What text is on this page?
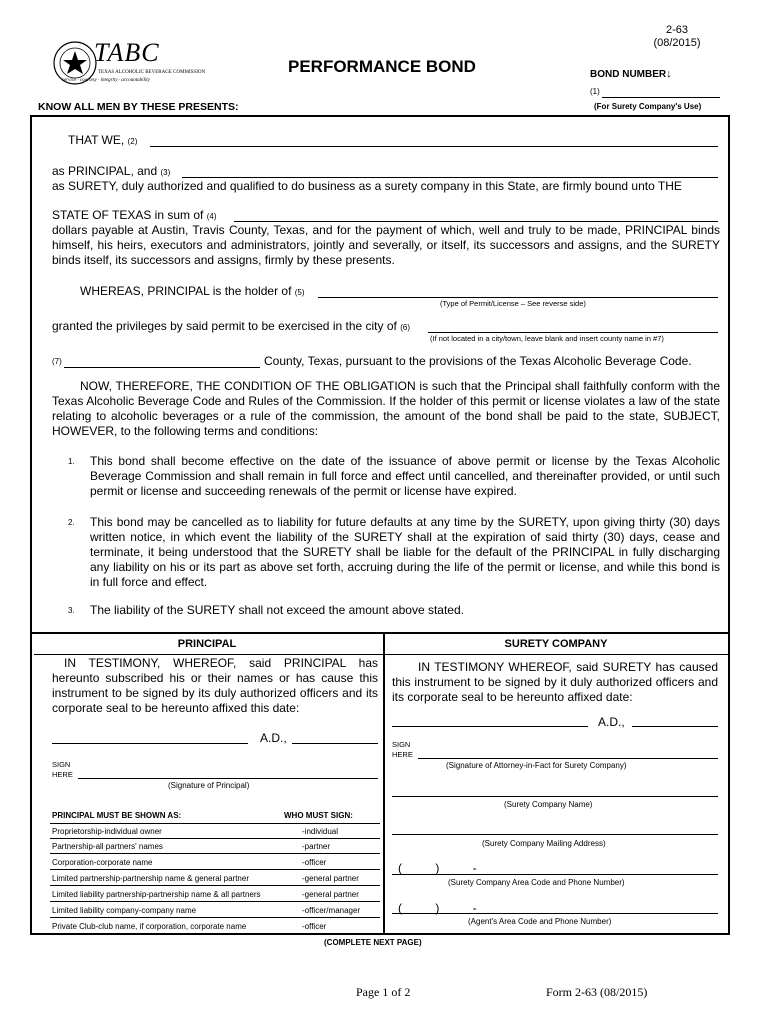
TABC
TEXAS ALCOHOLIC BEVERAGE COMMISSION
service · courtesy · integrity · accountability
PERFORMANCE BOND
2-63
(08/2015)
BOND NUMBER↓
(1)
(For Surety Company's Use)
KNOW ALL MEN BY THESE PRESENTS:
THAT WE, (2)
as PRINCIPAL, and (3)
as SURETY, duly authorized and qualified to do business as a surety company in this State, are firmly bound unto THE
STATE OF TEXAS in sum of (4)
dollars payable at Austin, Travis County, Texas, and for the payment of which, well and truly to be made, PRINCIPAL binds himself, his heirs, executors and administrators, jointly and severally, or itself, its successors and assigns, and the SURETY binds itself, its successors and assigns, firmly by these presents.
WHEREAS, PRINCIPAL is the holder of (5)
(Type of Permit/License – See reverse side)
granted the privileges by said permit to be exercised in the city of (6)
(If not located in a city/town, leave blank and insert county name in #7)
(7)	County, Texas, pursuant to the provisions of the Texas Alcoholic Beverage Code.
NOW, THEREFORE, THE CONDITION OF THE OBLIGATION is such that the Principal shall faithfully conform with the Texas Alcoholic Beverage Code and Rules of the Commission. If the holder of this permit or license violates a law of the state relating to alcoholic beverages or a rule of the commission, the amount of the bond shall be paid to the state, SUBJECT, HOWEVER, to the following terms and conditions:
1. This bond shall become effective on the date of the issuance of above permit or license by the Texas Alcoholic Beverage Commission and shall remain in full force and effect until cancelled, and thereinafter provided, or until such permit or license and succeeding renewals of the permit or license have expired.
2. This bond may be cancelled as to liability for future defaults at any time by the SURETY, upon giving thirty (30) days written notice, in which event the liability of the SURETY shall at the expiration of said thirty (30) days, cease and terminate, it being understood that the SURETY shall be liable for the default of the PRINCIPAL in fully discharging any liability on his or its part as above set forth, accruing during the life of the permit or license, and while this bond is in full force and effect.
3. The liability of the SURETY shall not exceed the amount above stated.
PRINCIPAL
IN TESTIMONY, WHEREOF, said PRINCIPAL has hereunto subscribed his or their names or has cause this instrument to be signed by its duly authorized officers and its corporate seal to be hereunto affixed this date:
A.D.,
SIGN
HERE
(Signature of Principal)
PRINCIPAL MUST BE SHOWN AS:	WHO MUST SIGN:
Proprietorship-individual owner	-individual
Partnership-all partners' names	-partner
Corporation-corporate name	-officer
Limited partnership-partnership name & general partner	-general partner
Limited liability partnership-partnership name & all partners	-general partner
Limited liability company-company name	-officer/manager
Private Club-club name, if corporation, corporate name	-officer
SURETY COMPANY
IN TESTIMONY WHEREOF, said SURETY has caused this instrument to be signed by it duly authorized officers and its corporate seal to be hereunto affixed date:
A.D.,
SIGN
HERE
(Signature of Attorney-in-Fact for Surety Company)
(Surety Company Name)
(Surety Company Mailing Address)
(          )          -
(Surety Company Area Code and Phone Number)
(          )          -
(Agent's Area Code and Phone Number)
(COMPLETE NEXT PAGE)
Page 1 of 2	Form 2-63 (08/2015)
